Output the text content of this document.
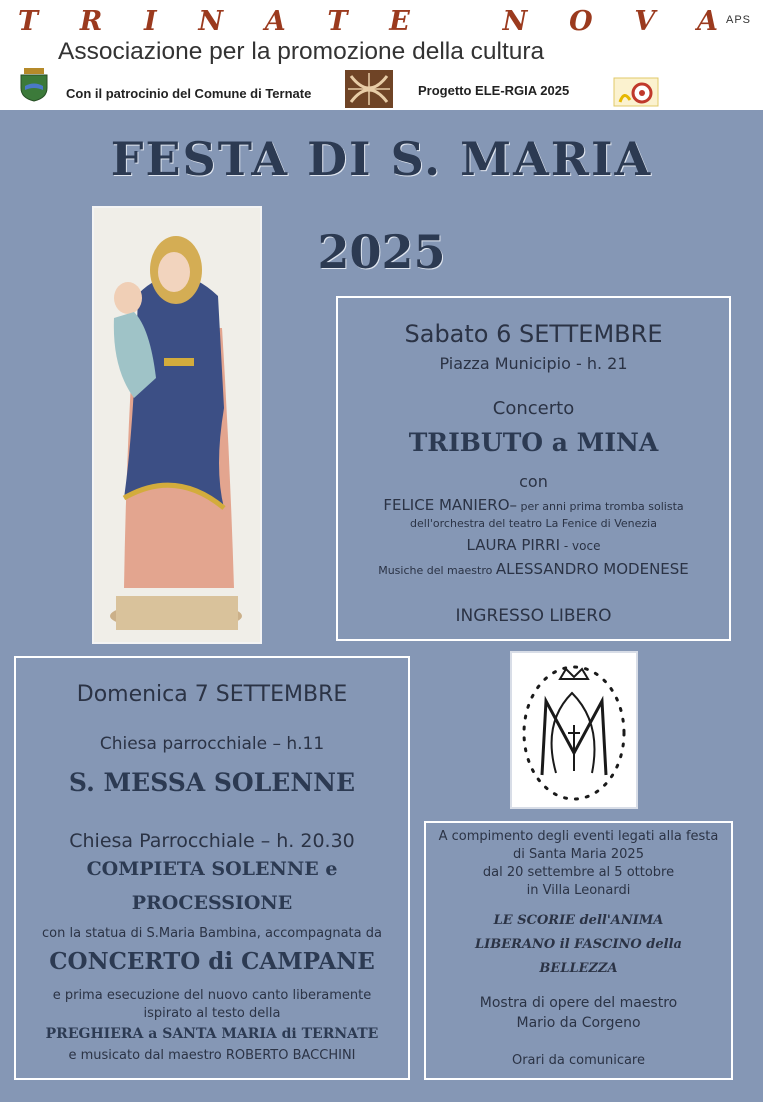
T R I N A T E
	N O V A APS
Associazione per la promozione della cultura
Con il patrocinio del Comune di Ternate	Progetto ELE-RGIA 2025
FESTA DI S. MARIA
2025
Sabato 6 SETTEMBRE
Piazza Municipio - h. 21
Concerto
TRIBUTO a MINA
con
FELICE MANIERO– per anni prima tromba solista
dell'orchestra del teatro La Fenice di Venezia
LAURA PIRRI - voce
Musiche del maestro ALESSANDRO MODENESE
INGRESSO LIBERO
Domenica 7 SETTEMBRE
Chiesa parrocchiale – h.11
S. MESSA SOLENNE
Chiesa Parrocchiale – h. 20.30
COMPIETA SOLENNE e
PROCESSIONE
con la statua di S.Maria Bambina, accompagnata da
CONCERTO di CAMPANE
e prima esecuzione del nuovo canto liberamente
ispirato al testo della
PREGHIERA a SANTA MARIA di TERNATE
e musicato dal maestro ROBERTO BACCHINI
A compimento degli eventi legati alla festa
di Santa Maria 2025
dal 20 settembre al 5 ottobre
in Villa Leonardi
LE SCORIE dell'ANIMA
LIBERANO il FASCINO della
BELLEZZA
Mostra di opere del maestro
Mario da Corgeno
Orari da comunicare
